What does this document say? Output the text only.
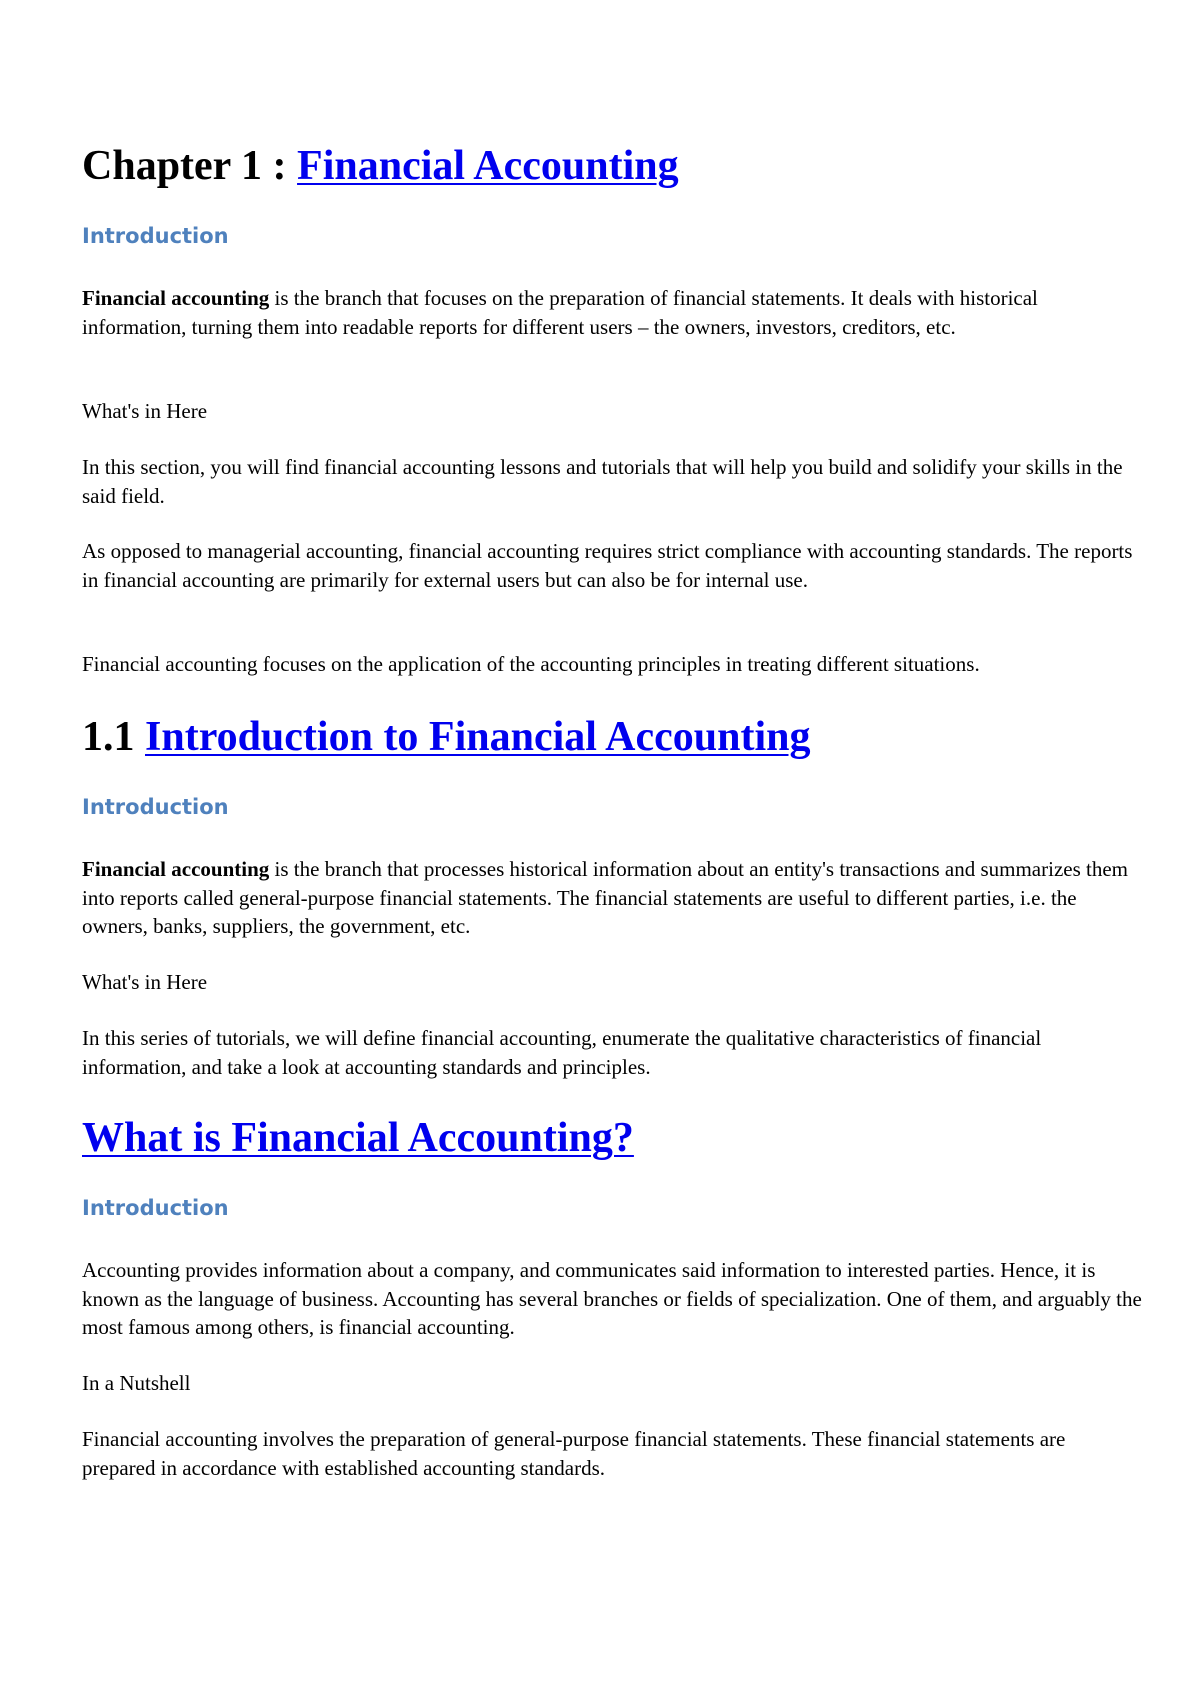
Chapter 1 : Financial Accounting
Introduction

Financial accounting is the branch that focuses on the preparation of financial statements. It deals with historical information, turning them into readable reports for different users – the owners, investors, creditors, etc.

What's in Here

In this section, you will find financial accounting lessons and tutorials that will help you build and solidify your skills in the said field.

As opposed to managerial accounting, financial accounting requires strict compliance with accounting standards. The reports in financial accounting are primarily for external users but can also be for internal use.

Financial accounting focuses on the application of the accounting principles in treating different situations.

1.1 Introduction to Financial Accounting
Introduction

Financial accounting is the branch that processes historical information about an entity's transactions and summarizes them into reports called general-purpose financial statements. The financial statements are useful to different parties, i.e. the owners, banks, suppliers, the government, etc.

What's in Here

In this series of tutorials, we will define financial accounting, enumerate the qualitative characteristics of financial information, and take a look at accounting standards and principles.

What is Financial Accounting?
Introduction

Accounting provides information about a company, and communicates said information to interested parties. Hence, it is known as the language of business. Accounting has several branches or fields of specialization. One of them, and arguably the most famous among others, is financial accounting.

In a Nutshell

Financial accounting involves the preparation of general-purpose financial statements. These financial statements are prepared in accordance with established accounting standards.
